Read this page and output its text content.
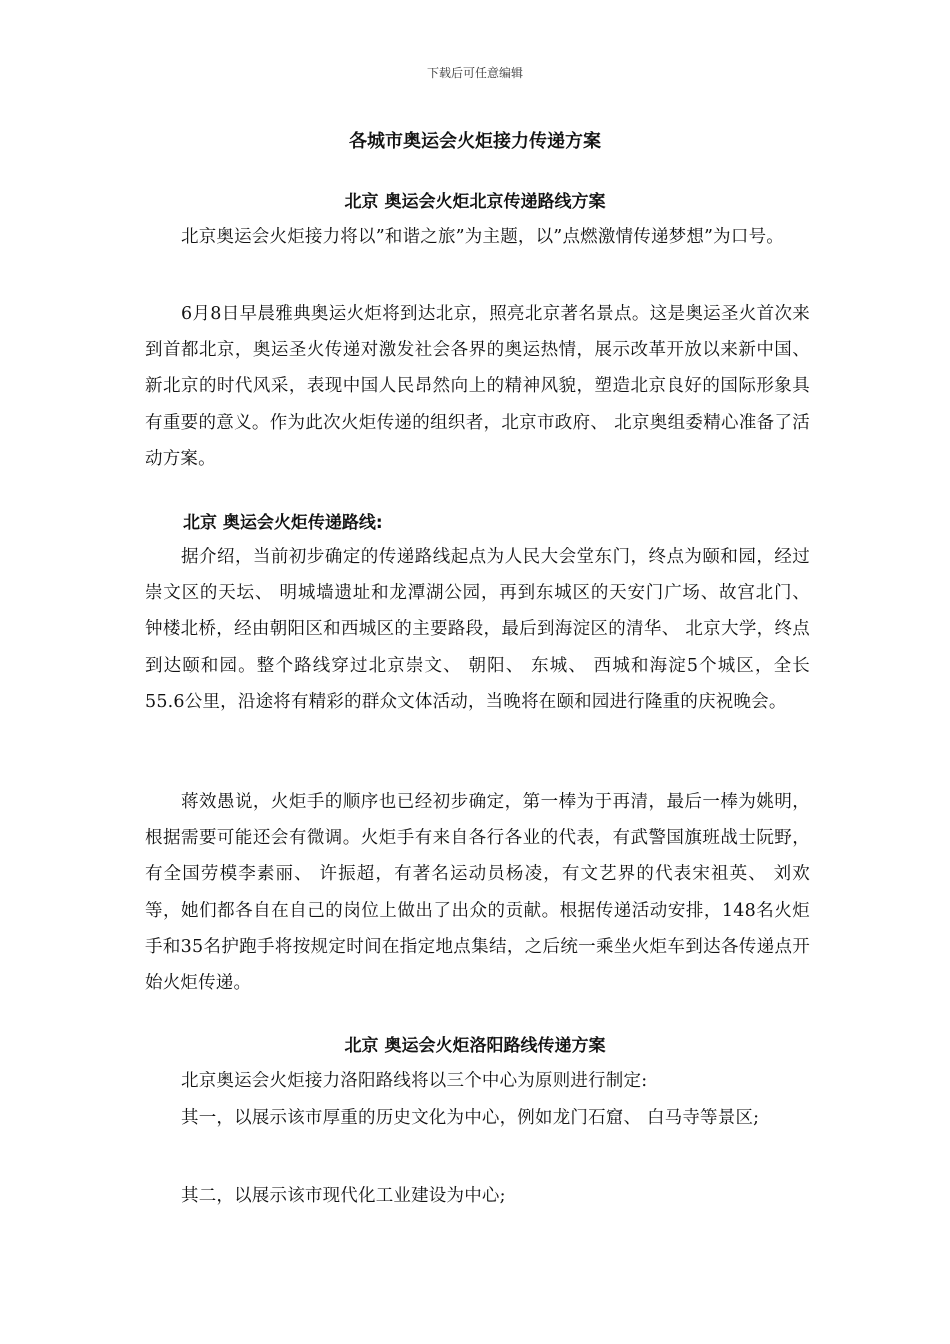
下载后可任意编辑
各城市奥运会火炬接力传递方案
北京 奥运会火炬北京传递路线方案

北京奥运会火炬接力将以”和谐之旅”为主题，以”点燃激情传递梦想”为口号。

6月8日早晨雅典奥运火炬将到达北京，照亮北京著名景点。这是奥运圣火首次来到首都北京，奥运圣火传递对激发社会各界的奥运热情，展示改革开放以来新中国、 新北京的时代风采，表现中国人民昂然向上的精神风貌，塑造北京良好的国际形象具有重要的意义。作为此次火炬传递的组织者，北京市政府、 北京奥组委精心准备了活动方案。

北京 奥运会火炬传递路线:

据介绍，当前初步确定的传递路线起点为人民大会堂东门，终点为颐和园，经过崇文区的天坛、 明城墙遗址和龙潭湖公园，再到东城区的天安门广场、故宫北门、 钟楼北桥，经由朝阳区和西城区的主要路段，最后到海淀区的清华、 北京大学，终点到达颐和园。整个路线穿过北京崇文、 朝阳、 东城、 西城和海淀5个城区，全长55.6公里，沿途将有精彩的群众文体活动，当晚将在颐和园进行隆重的庆祝晚会。

蒋效愚说，火炬手的顺序也已经初步确定，第一棒为于再清，最后一棒为姚明，根据需要可能还会有微调。火炬手有来自各行各业的代表，有武警国旗班战士阮野，有全国劳模李素丽、 许振超，有著名运动员杨凌，有文艺界的代表宋祖英、 刘欢等，她们都各自在自己的岗位上做出了出众的贡献。根据传递活动安排，148名火炬手和35名护跑手将按规定时间在指定地点集结，之后统一乘坐火炬车到达各传递点开始火炬传递。

北京 奥运会火炬洛阳路线传递方案

北京奥运会火炬接力洛阳路线将以三个中心为原则进行制定:

其一，以展示该市厚重的历史文化为中心，例如龙门石窟、 白马寺等景区;

其二，以展示该市现代化工业建设为中心;
